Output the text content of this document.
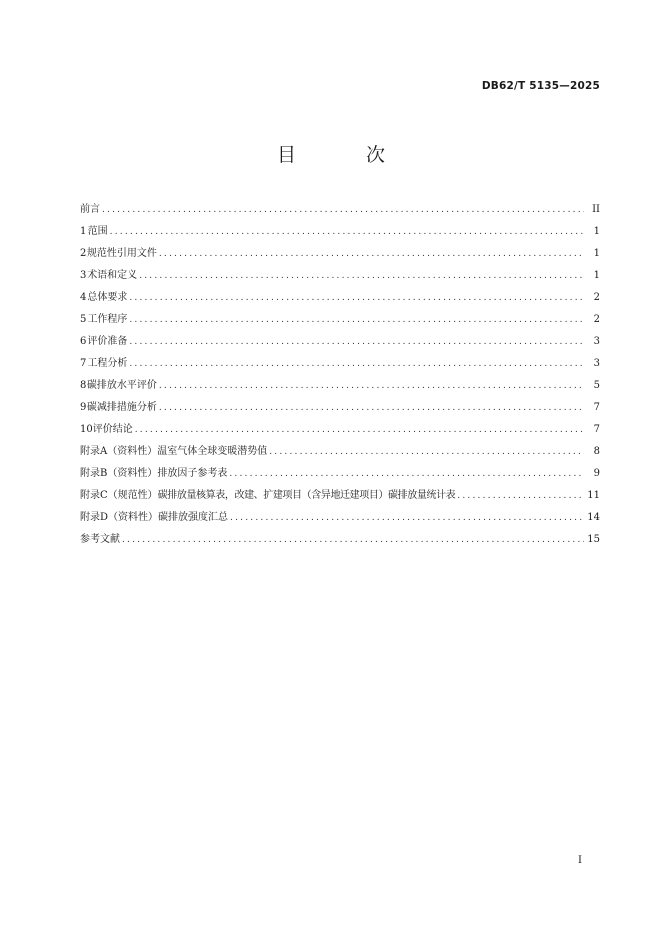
DB62/T 5135—2025
目 次
前言 .....	II
1 范围 .....	1
2 规范性引用文件 .....	1
3 术语和定义 .....	1
4 总体要求 .....	2
5 工作程序 .....	2
6 评价准备 .....	3
7 工程分析 .....	3
8 碳排放水平评价 .....	5
9 碳减排措施分析 .....	7
10 评价结论 .....	7
附录A（资料性） 温室气体全球变暖潜势值 .....	8
附录B（资料性） 排放因子参考表 .....	9
附录C（规范性） 碳排放量核算表，改建、扩建项目（含异地迁建项目）碳排放量统计表 .....	11
附录D（资料性） 碳排放强度汇总 .....	14
参考文献 .....	15
I
